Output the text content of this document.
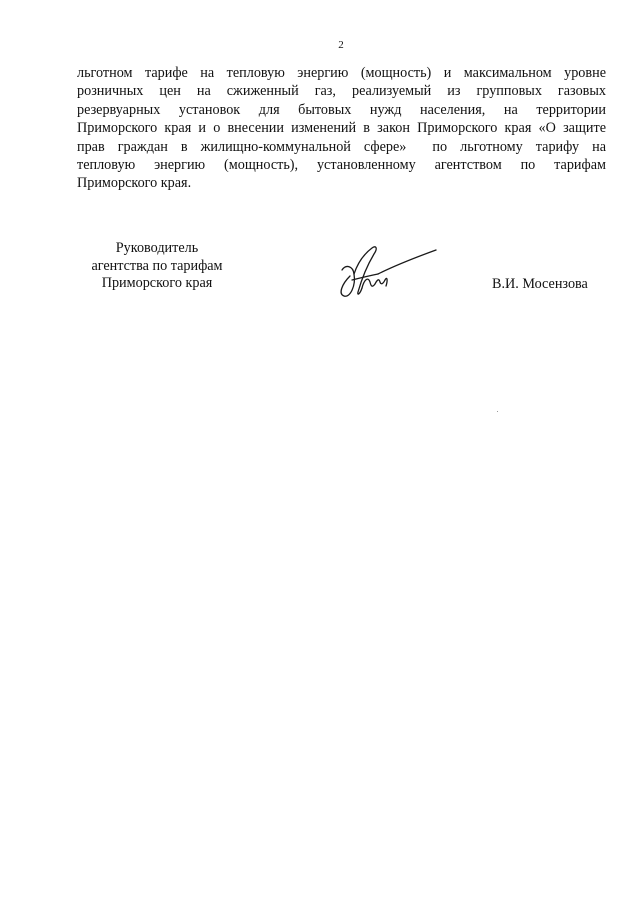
2
льготном тарифе на тепловую энергию (мощность) и максимальном уровне
розничных цен на сжиженный газ, реализуемый из групповых газовых
резервуарных установок для бытовых нужд населения, на территории
Приморского края и о внесении изменений в закон Приморского края «О защите
прав граждан в жилищно-коммунальной сфере»  по льготному тарифу на
тепловую энергию (мощность), установленному агентством по тарифам
Приморского края.
Руководитель
агентства по тарифам
Приморского края	В.И. Мосензова
